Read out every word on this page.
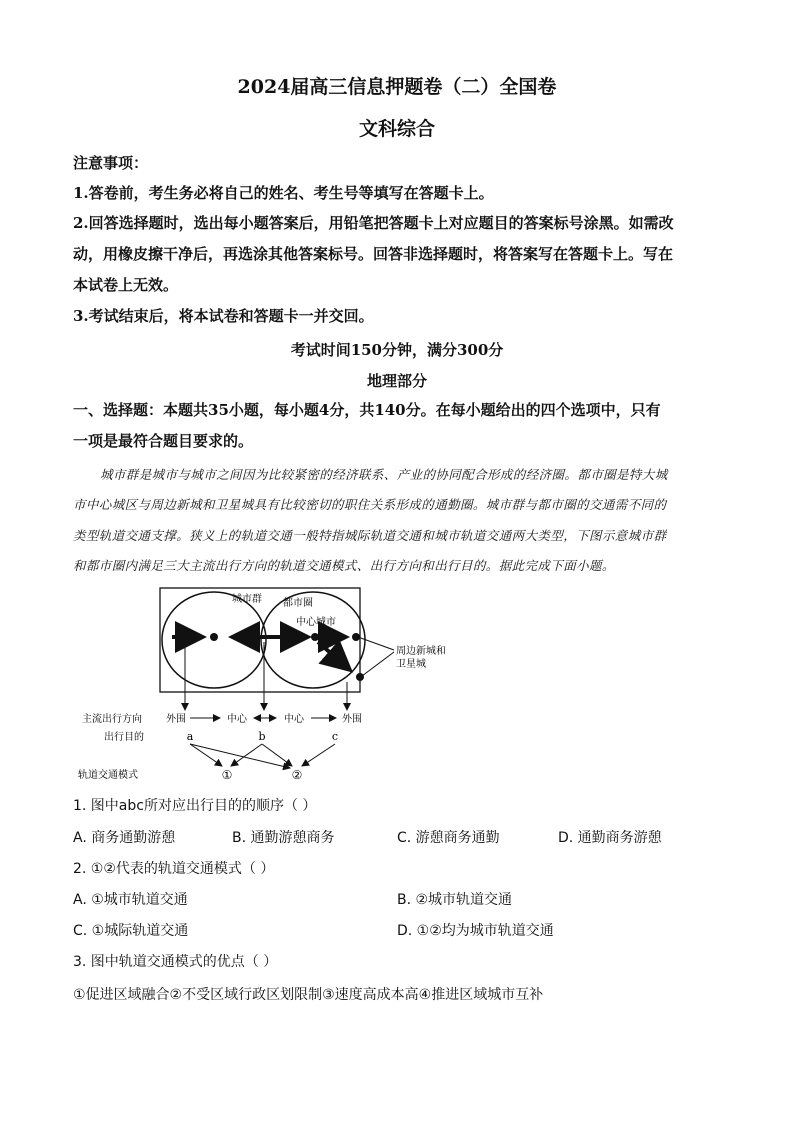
2024届高三信息押题卷（二）全国卷
文科综合
注意事项：
1.答卷前，考生务必将自己的姓名、考生号等填写在答题卡上。
2.回答选择题时，选出每小题答案后，用铅笔把答题卡上对应题目的答案标号涂黑。如需改
动，用橡皮擦干净后，再选涂其他答案标号。回答非选择题时，将答案写在答题卡上。写在
本试卷上无效。
3.考试结束后，将本试卷和答题卡一并交回。
考试时间150分钟，满分300分
地理部分
一、选择题：本题共35小题，每小题4分，共140分。在每小题给出的四个选项中，只有
一项是最符合题目要求的。
城市群是城市与城市之间因为比较紧密的经济联系、产业的协同配合形成的经济圈。都市圈是特大城
市中心城区与周边新城和卫星城具有比较密切的职住关系形成的通勤圈。城市群与都市圈的交通需不同的
类型轨道交通支撑。狭义上的轨道交通一般特指城际轨道交通和城市轨道交通两大类型，下图示意城市群
和都市圈内满足三大主流出行方向的轨道交通模式、出行方向和出行目的。据此完成下面小题。
城市群 都市圈
中心城市
周边新城和
卫星城
主流出行方向
出行目的
轨道交通模式
外围	中心	中心	外围
a	b	c
①	②
1. 图中abc所对应出行目的的顺序（ ）
A. 商务通勤游憩	B. 通勤游憩商务	C. 游憩商务通勤	D. 通勤商务游憩
2. ①②代表的轨道交通模式（ ）
A. ①城市轨道交通	B. ②城市轨道交通
C. ①城际轨道交通	D. ①②均为城市轨道交通
3. 图中轨道交通模式的优点（ ）
①促进区域融合②不受区域行政区划限制③速度高成本高④推进区域城市互补
